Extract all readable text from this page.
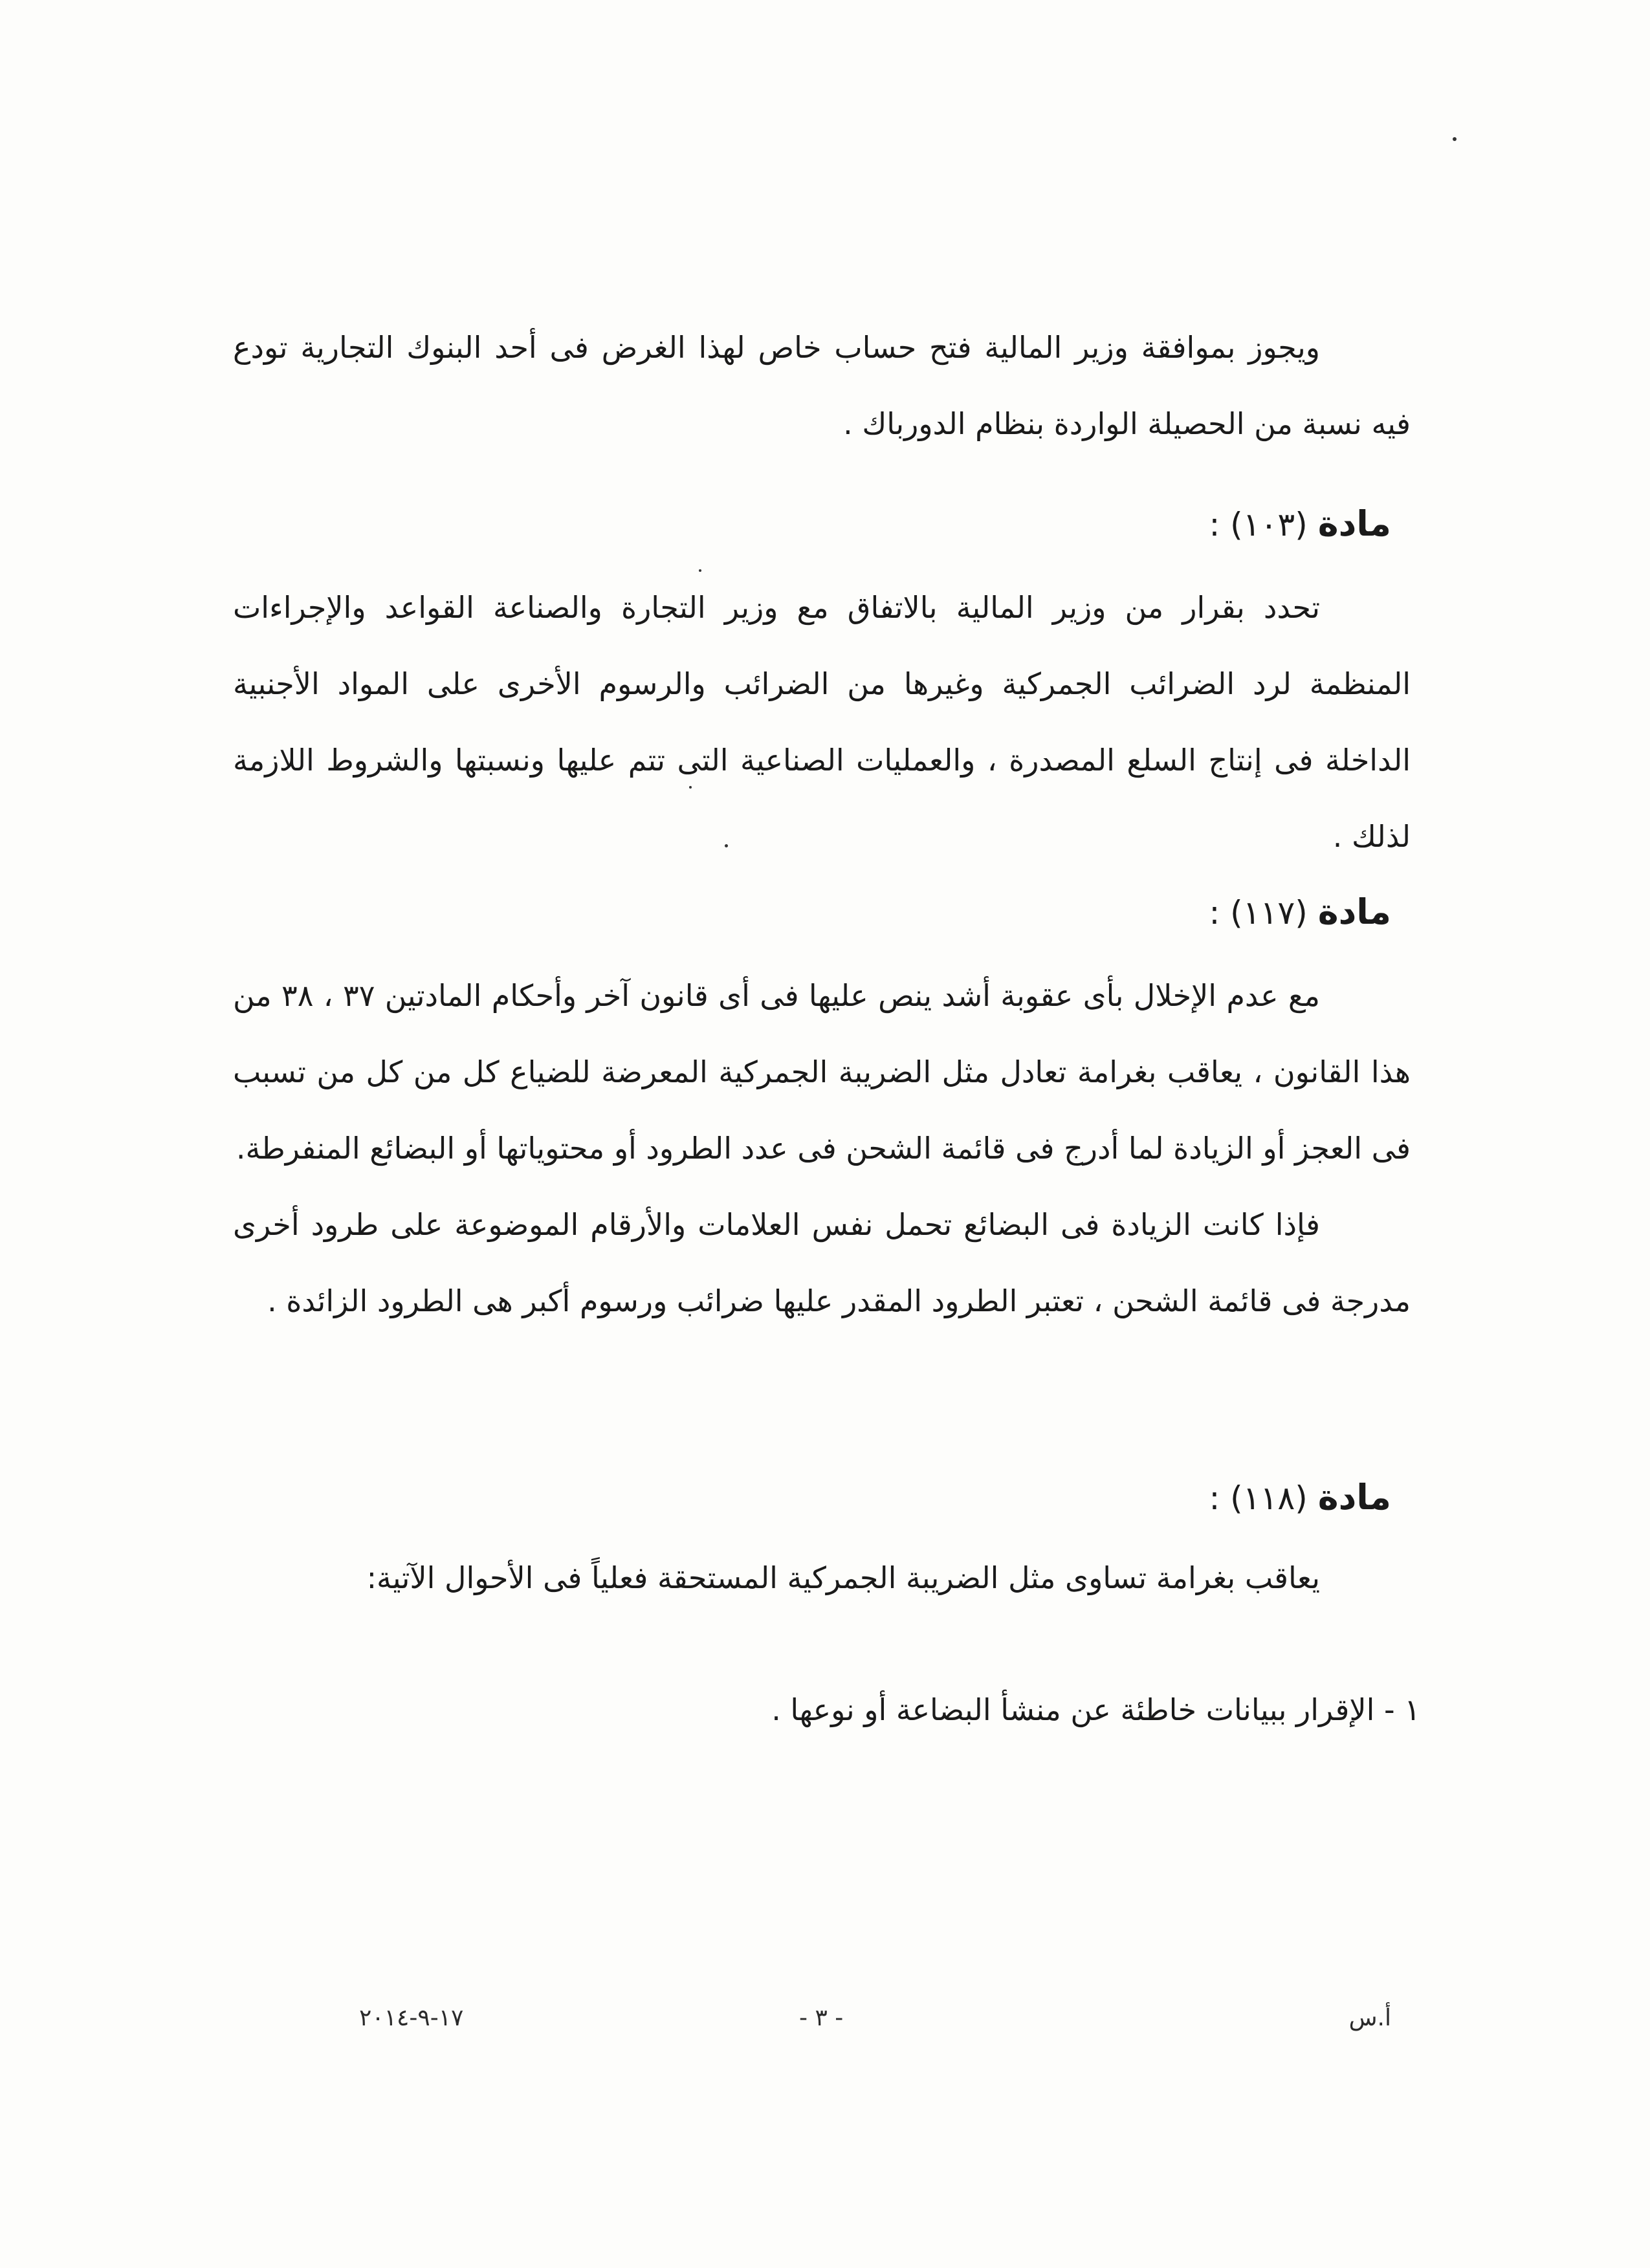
ويجوز بموافقة وزير المالية فتح حساب خاص لهذا الغرض فى أحد البنوك التجارية تودع فيه نسبة من الحصيلة الواردة بنظام الدورباك .

مادة (١٠٣) :

تحدد بقرار من وزير المالية بالاتفاق مع وزير التجارة والصناعة القواعد والإجراءات المنظمة لرد الضرائب الجمركية وغيرها من الضرائب والرسوم الأخرى على المواد الأجنبية الداخلة فى إنتاج السلع المصدرة ، والعمليات الصناعية التى تتم عليها ونسبتها والشروط اللازمة لذلك .

مادة (١١٧) :

مع عدم الإخلال بأى عقوبة أشد ينص عليها فى أى قانون آخر وأحكام المادتين ٣٧ ، ٣٨ من هذا القانون ، يعاقب بغرامة تعادل مثل الضريبة الجمركية المعرضة للضياع كل من كل من تسبب فى العجز أو الزيادة لما أدرج فى قائمة الشحن فى عدد الطرود أو محتوياتها أو البضائع المنفرطة.

فإذا كانت الزيادة فى البضائع تحمل نفس العلامات والأرقام الموضوعة على طرود أخرى مدرجة فى قائمة الشحن ، تعتبر الطرود المقدر عليها ضرائب ورسوم أكبر هى الطرود الزائدة .

مادة (١١٨) :

يعاقب بغرامة تساوى مثل الضريبة الجمركية المستحقة فعلياً فى الأحوال الآتية:

١ - الإقرار ببيانات خاطئة عن منشأ البضاعة أو نوعها .
أ.س
- ٣ -
١٧-٩-٢٠١٤
